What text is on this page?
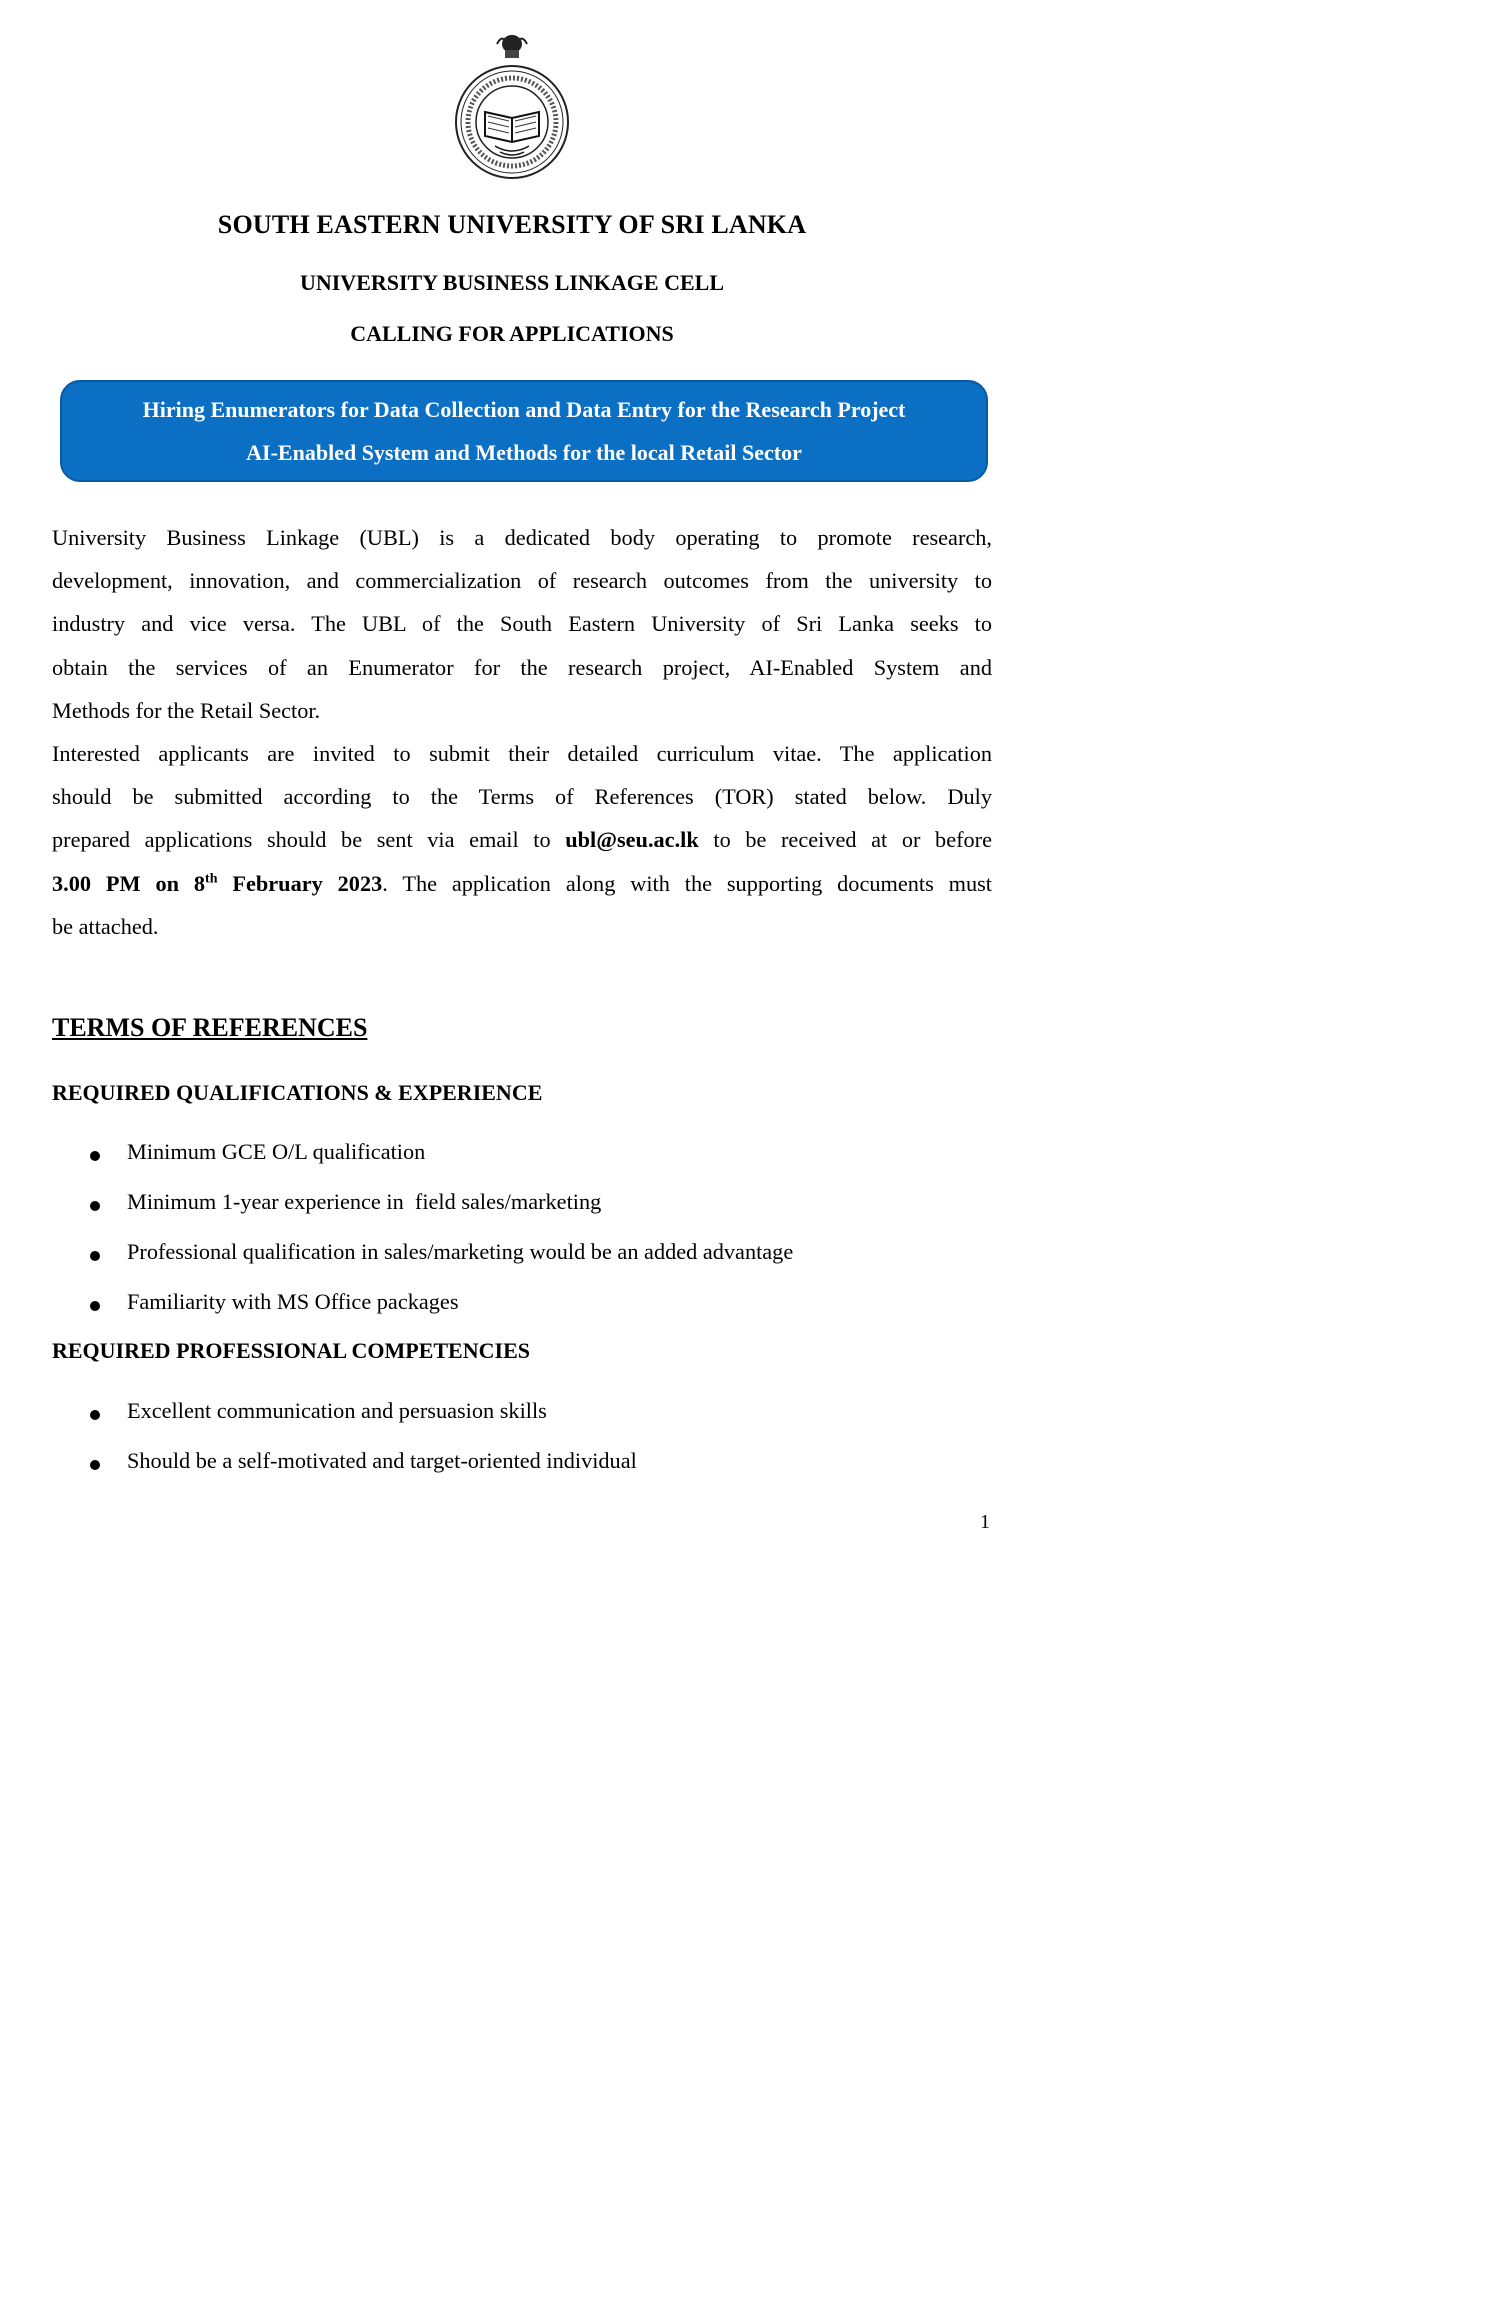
SOUTH EASTERN UNIVERSITY OF SRI LANKA
UNIVERSITY BUSINESS LINKAGE CELL
CALLING FOR APPLICATIONS
Hiring Enumerators for Data Collection and Data Entry for the Research Project
AI-Enabled System and Methods for the local Retail Sector
University Business Linkage (UBL) is a dedicated body operating to promote research,
development, innovation, and commercialization of research outcomes from the university to
industry and vice versa. The UBL of the South Eastern University of Sri Lanka seeks to
obtain the services of an Enumerator for the research project, AI-Enabled System and
Methods for the Retail Sector.
Interested applicants are invited to submit their detailed curriculum vitae. The application
should be submitted according to the Terms of References (TOR) stated below. Duly
prepared applications should be sent via email to ubl@seu.ac.lk to be received at or before
3.00 PM on 8th February 2023. The application along with the supporting documents must
be attached.
TERMS OF REFERENCES
REQUIRED QUALIFICATIONS & EXPERIENCE
Minimum GCE O/L qualification
Minimum 1-year experience in  field sales/marketing
Professional qualification in sales/marketing would be an added advantage
Familiarity with MS Office packages
REQUIRED PROFESSIONAL COMPETENCIES
Excellent communication and persuasion skills
Should be a self-motivated and target-oriented individual
1
